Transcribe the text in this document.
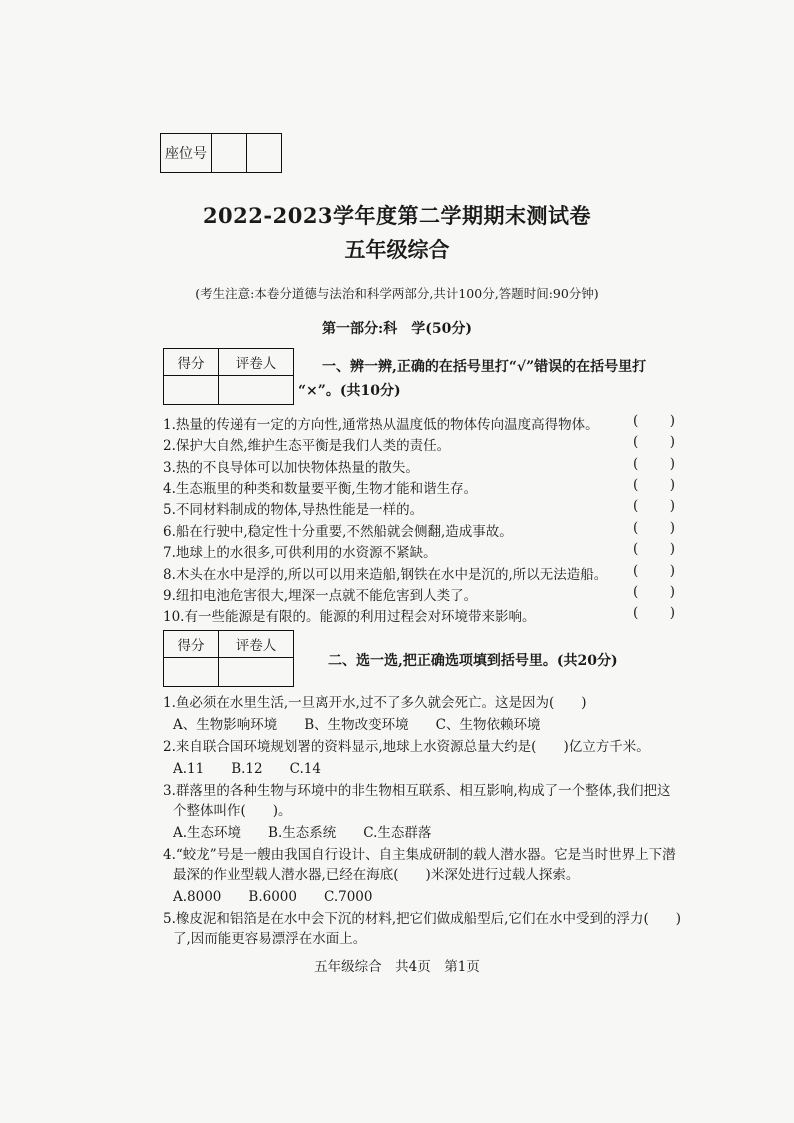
座位号
2022-2023学年度第二学期期末测试卷
五年级综合
(考生注意:本卷分道德与法治和科学两部分,共计100分,答题时间:90分钟)
第一部分:科　学(50分)
得分	评卷人
		一、辨一辨,正确的在括号里打“√”错误的在括号里打
“×”。(共10分)
1.热量的传递有一定的方向性,通常热从温度低的物体传向温度高得物体。	( )
2.保护大自然,维护生态平衡是我们人类的责任。	( )
3.热的不良导体可以加快物体热量的散失。	( )
4.生态瓶里的种类和数量要平衡,生物才能和谐生存。	( )
5.不同材料制成的物体,导热性能是一样的。	( )
6.船在行驶中,稳定性十分重要,不然船就会侧翻,造成事故。	( )
7.地球上的水很多,可供利用的水资源不紧缺。	( )
8.木头在水中是浮的,所以可以用来造船,钢铁在水中是沉的,所以无法造船。 ( )
9.纽扣电池危害很大,埋深一点就不能危害到人类了。	( )
10.有一些能源是有限的。能源的利用过程会对环境带来影响。	( )
得分	评卷人

二、选一选,把正确选项填到括号里。(共20分)
1.鱼必须在水里生活,一旦离开水,过不了多久就会死亡。这是因为(　　)
A、生物影响环境　　B、生物改变环境　　C、生物依赖环境
2.来自联合国环境规划署的资料显示,地球上水资源总量大约是(　　)亿立方千米。
A.11　　B.12　　C.14
3.群落里的各种生物与环境中的非生物相互联系、相互影响,构成了一个整体,我们把这
个整体叫作(　　)。
A.生态环境　　B.生态系统　　C.生态群落
4.“蛟龙”号是一艘由我国自行设计、自主集成研制的载人潜水器。它是当时世界上下潜
最深的作业型载人潜水器,已经在海底(　　)米深处进行过载人探索。
A.8000　　B.6000　　C.7000
5.橡皮泥和铝箔是在水中会下沉的材料,把它们做成船型后,它们在水中受到的浮力(　　)
了,因而能更容易漂浮在水面上。
五年级综合　共4页　第1页
